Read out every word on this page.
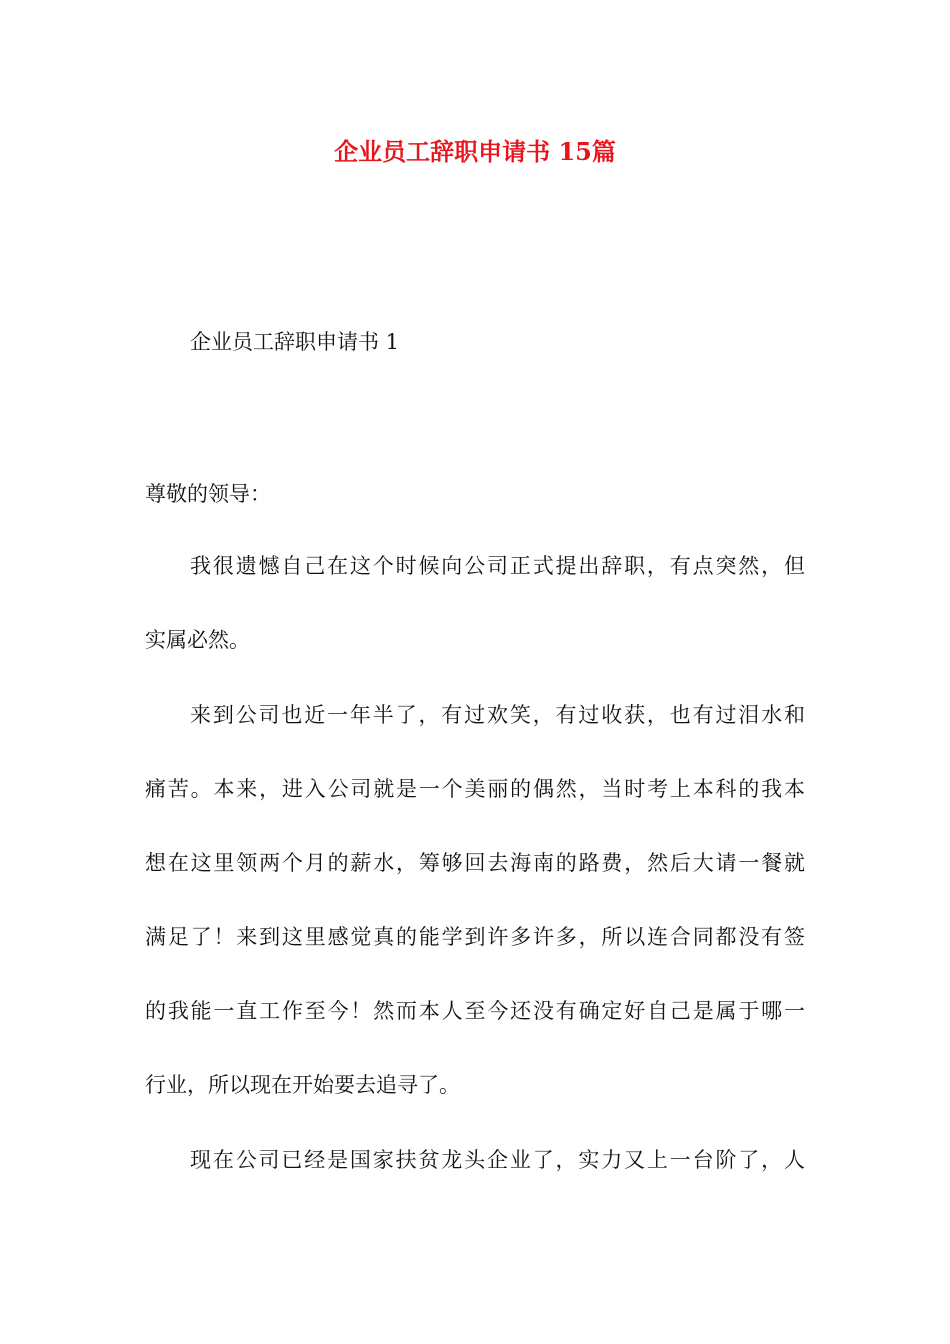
企业员工辞职申请书 15篇

企业员工辞职申请书 1

尊敬的领导：

我很遗憾自己在这个时候向公司正式提出辞职，有点突然，但

实属必然。

来到公司也近一年半了，有过欢笑，有过收获，也有过泪水和

痛苦。本来，进入公司就是一个美丽的偶然，当时考上本科的我本

想在这里领两个月的薪水，筹够回去海南的路费，然后大请一餐就

满足了！来到这里感觉真的能学到许多许多，所以连合同都没有签

的我能一直工作至今！然而本人至今还没有确定好自己是属于哪一

行业，所以现在开始要去追寻了。

现在公司已经是国家扶贫龙头企业了，实力又上一台阶了，人
